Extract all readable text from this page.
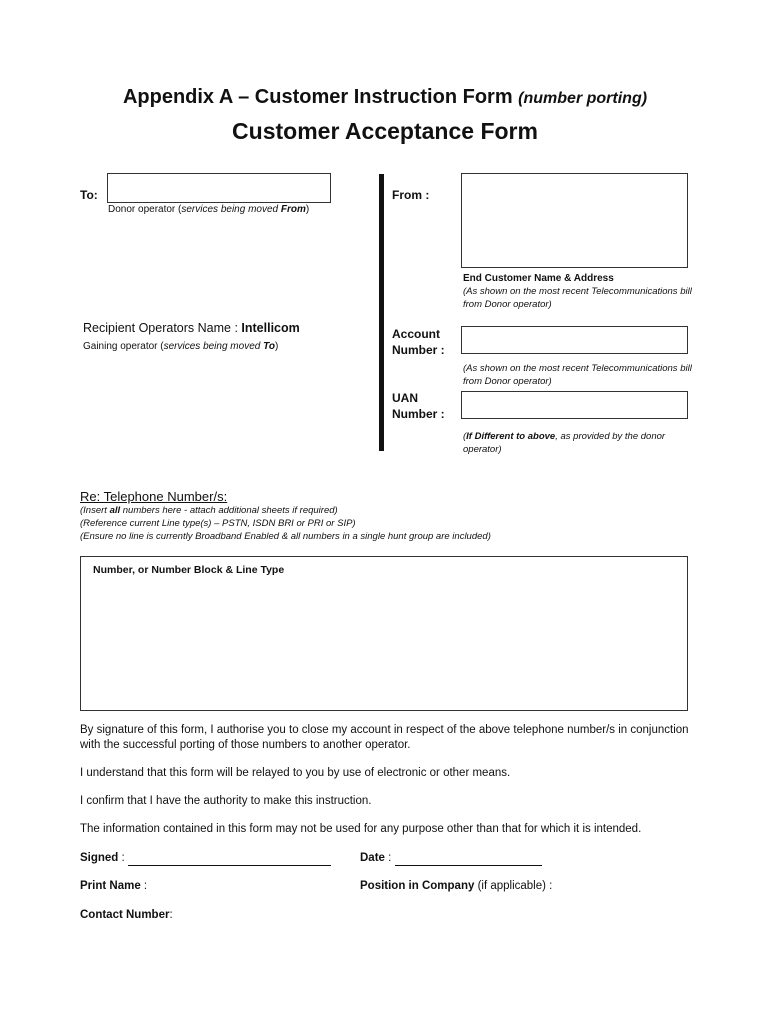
Appendix A – Customer Instruction Form (number porting)
Customer Acceptance Form
To:
Donor operator (services being moved From)
From :
End Customer Name & Address
(As shown on the most recent Telecommunications bill from Donor operator)
Recipient Operators Name : Intellicom
Gaining operator (services being moved To)
Account
Number :
(As shown on the most recent Telecommunications bill from Donor operator)
UAN
Number :
(If Different to above, as provided by the donor operator)
Re: Telephone Number/s:
(Insert all numbers here - attach additional sheets if required)
(Reference current Line type(s) – PSTN, ISDN BRI or PRI or SIP)
(Ensure no line is currently Broadband Enabled & all numbers in a single hunt group are included)
Number, or Number Block & Line Type
By signature of this form, I authorise you to close my account in respect of the above telephone number/s in conjunction with the successful porting of those numbers to another operator.
I understand that this form will be relayed to you by use of electronic or other means.
I confirm that I have the authority to make this instruction.
The information contained in this form may not be used for any purpose other than that for which it is intended.
Signed :	Date :
Print Name :	Position in Company (if applicable) :
Contact Number:
